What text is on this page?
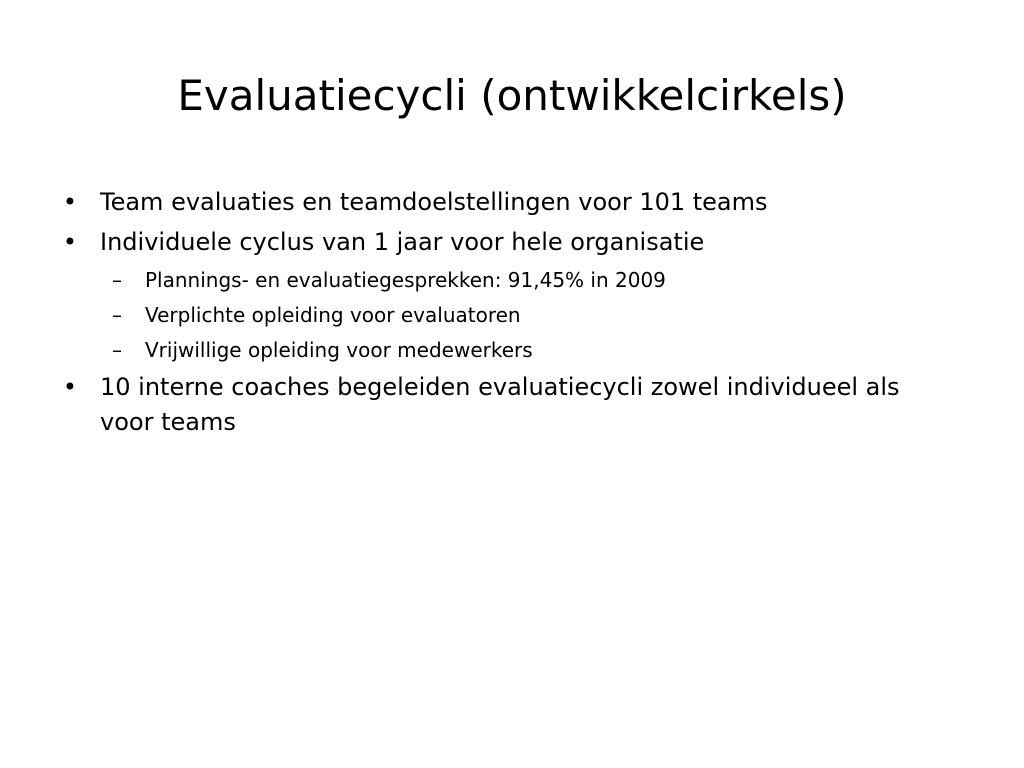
Evaluatiecycli (ontwikkelcirkels)
• Team evaluaties en teamdoelstellingen voor 101 teams
• Individuele cyclus van 1 jaar voor hele organisatie
– Plannings- en evaluatiegesprekken: 91,45% in 2009
– Verplichte opleiding voor evaluatoren
– Vrijwillige opleiding voor medewerkers
• 10 interne coaches begeleiden evaluatiecycli zowel individueel als voor teams
